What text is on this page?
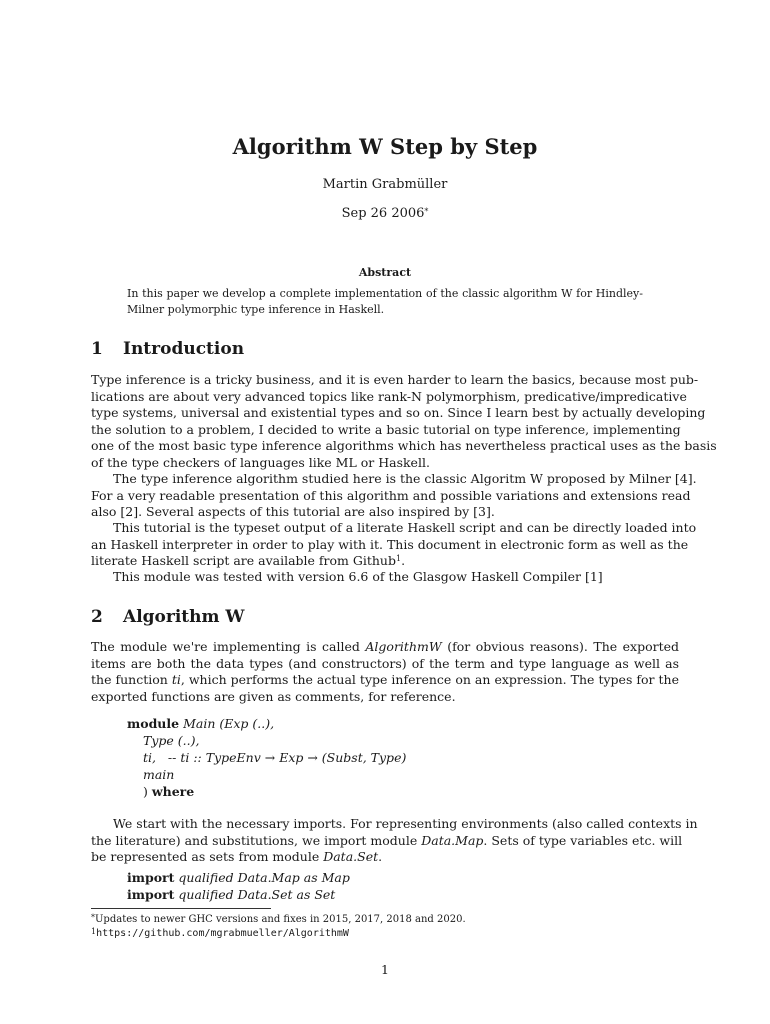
Algorithm W Step by Step
Martin Grabmüller
Sep 26 2006*
Abstract
In this paper we develop a complete implementation of the classic algorithm W for Hindley-
Milner polymorphic type inference in Haskell.
1 Introduction
Type inference is a tricky business, and it is even harder to learn the basics, because most pub-
lications are about very advanced topics like rank-N polymorphism, predicative/impredicative
type systems, universal and existential types and so on. Since I learn best by actually developing
the solution to a problem, I decided to write a basic tutorial on type inference, implementing
one of the most basic type inference algorithms which has nevertheless practical uses as the basis
of the type checkers of languages like ML or Haskell.
The type inference algorithm studied here is the classic Algoritm W proposed by Milner [4].
For a very readable presentation of this algorithm and possible variations and extensions read
also [2]. Several aspects of this tutorial are also inspired by [3].
This tutorial is the typeset output of a literate Haskell script and can be directly loaded into
an Haskell interpreter in order to play with it. This document in electronic form as well as the
literate Haskell script are available from Github$^1$.
This module was tested with version 6.6 of the Glasgow Haskell Compiler [1]
2 Algorithm W
The module we're implementing is called AlgorithmW (for obvious reasons). The exported
items are both the data types (and constructors) of the term and type language as well as
the function ti, which performs the actual type inference on an expression. The types for the
exported functions are given as comments, for reference.
module Main (Exp (..),
Type (..),
ti, -- ti :: TypeEnv → Exp → (Subst, Type)
main
) where
We start with the necessary imports. For representing environments (also called contexts in
the literature) and substitutions, we import module Data.Map. Sets of type variables etc. will
be represented as sets from module Data.Set.
import qualified Data.Map as Map
import qualified Data.Set as Set
*Updates to newer GHC versions and fixes in 2015, 2017, 2018 and 2020.
$^1$https://github.com/mgrabmueller/AlgorithmW
1
